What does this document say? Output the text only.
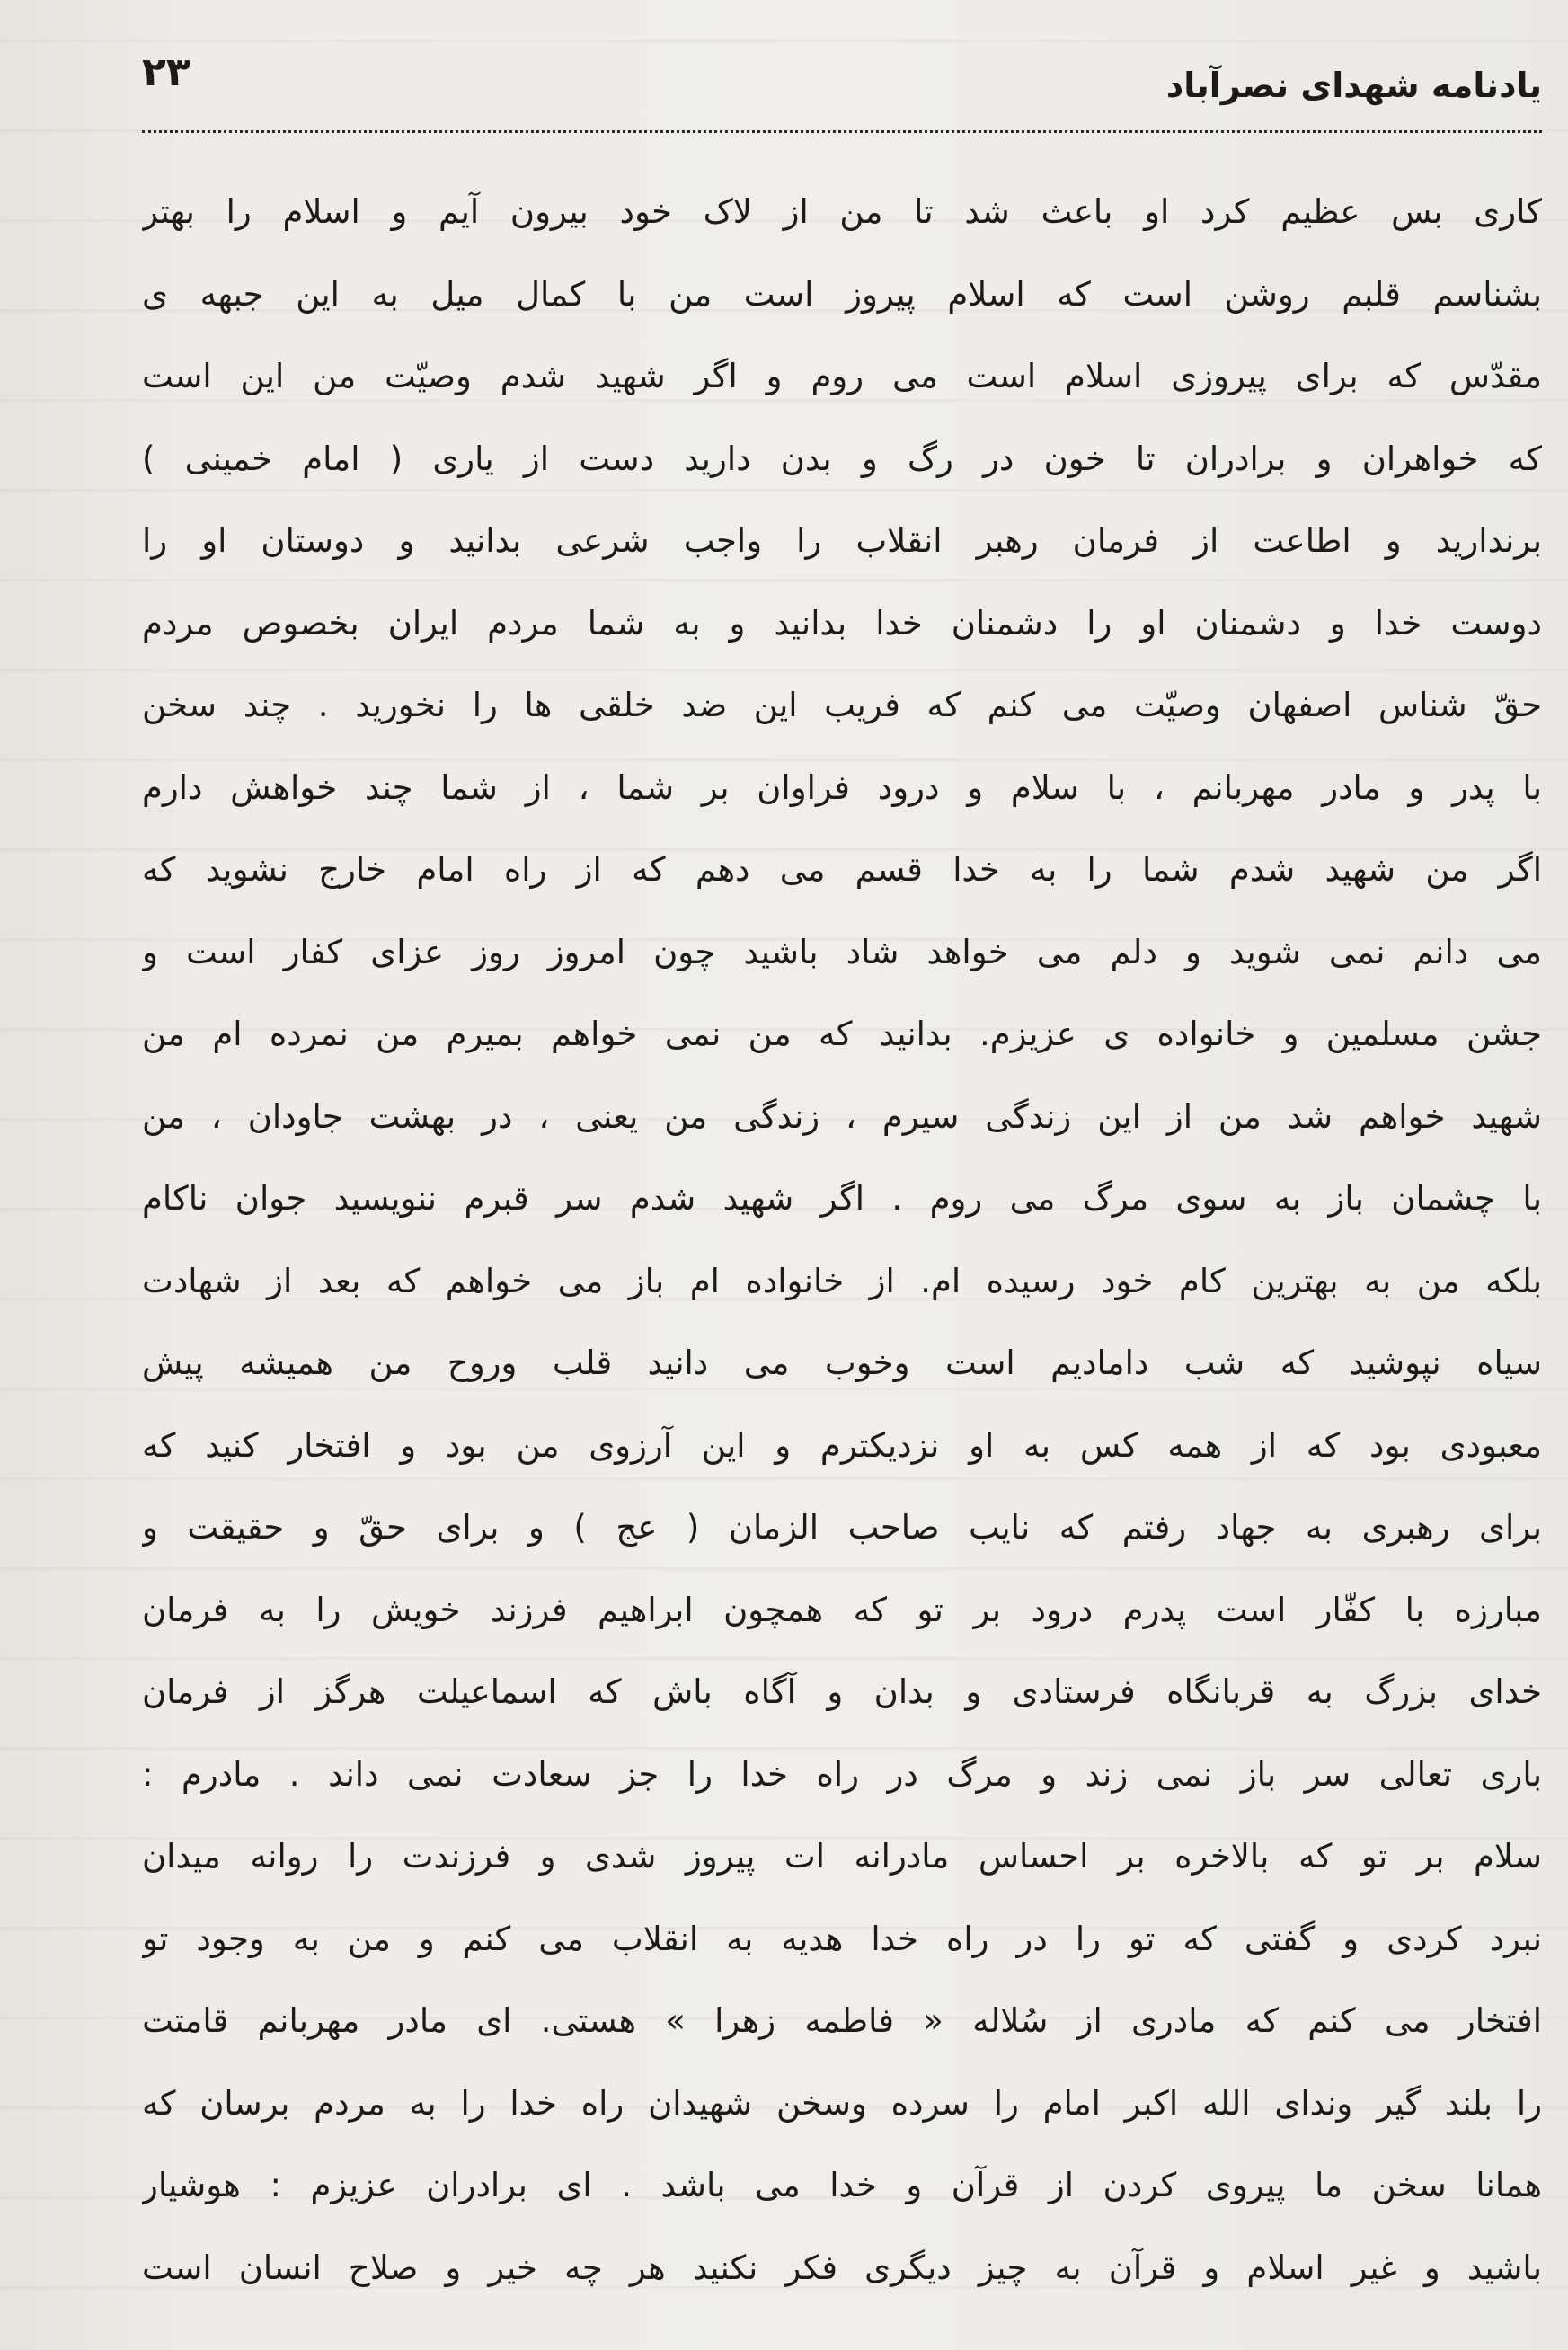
۲۳	یادنامه شهدای نصرآباد
کاری بس عظیم کرد او باعث شد تا من از لاک خود بیرون آیم و اسلام را بهتر
بشناسم قلبم روشن است که اسلام پیروز است من با کمال میل به این جبهه ی
مقدّس که برای پیروزی اسلام است می روم و اگر شهید شدم وصیّت من این است
که خواهران و برادران تا خون در رگ و بدن دارید دست از یاری ( امام خمینی )
برندارید و اطاعت از فرمان رهبر انقلاب را واجب شرعی بدانید و دوستان او را
دوست خدا و دشمنان او را دشمنان خدا بدانید و به شما مردم ایران بخصوص مردم
حقّ شناس اصفهان وصیّت می کنم که فریب این ضد خلقی ها را نخورید . چند سخن
با پدر و مادر مهربانم ، با سلام و درود فراوان بر شما ، از شما چند خواهش دارم
اگر من شهید شدم شما را به خدا قسم می دهم که از راه امام خارج نشوید که
می دانم نمی شوید و دلم می خواهد شاد باشید چون امروز روز عزای کفار است و
جشن مسلمین و خانواده ی عزیزم. بدانید که من نمی خواهم بمیرم من نمرده ام من
شهید خواهم شد من از این زندگی سیرم ، زندگی من یعنی ، در بهشت جاودان ، من
با چشمان باز به سوی مرگ می روم . اگر شهید شدم سر قبرم ننویسید جوان ناکام
بلکه من به بهترین کام خود رسیده ام. از خانواده ام باز می خواهم که بعد از شهادت
سیاه نپوشید که شب دامادیم است وخوب می دانید قلب وروح من همیشه پیش
معبودی بود که از همه کس به او نزدیکترم و این آرزوی من بود و افتخار کنید که
برای رهبری به جهاد رفتم که نایب صاحب الزمان ( عج ) و برای حقّ و حقیقت و
مبارزه با کفّار است پدرم درود بر تو که همچون ابراهیم فرزند خویش را به فرمان
خدای بزرگ به قربانگاه فرستادی و بدان و آگاه باش که اسماعیلت هرگز از فرمان
باری تعالی سر باز نمی زند و مرگ در راه خدا را جز سعادت نمی داند . مادرم :
سلام بر تو که بالاخره بر احساس مادرانه ات پیروز شدی و فرزندت را روانه میدان
نبرد کردی و گفتی که تو را در راه خدا هدیه به انقلاب می کنم و من به وجود تو
افتخار می کنم که مادری از سُلاله « فاطمه زهرا » هستی. ای مادر مهربانم قامتت
را بلند گیر وندای الله اکبر امام را سرده وسخن شهیدان راه خدا را به مردم برسان که
همانا سخن ما پیروی کردن از قرآن و خدا می باشد . ای برادران عزیزم : هوشیار
باشید و غیر اسلام و قرآن به چیز دیگری فکر نکنید هر چه خیر و صلاح انسان است
